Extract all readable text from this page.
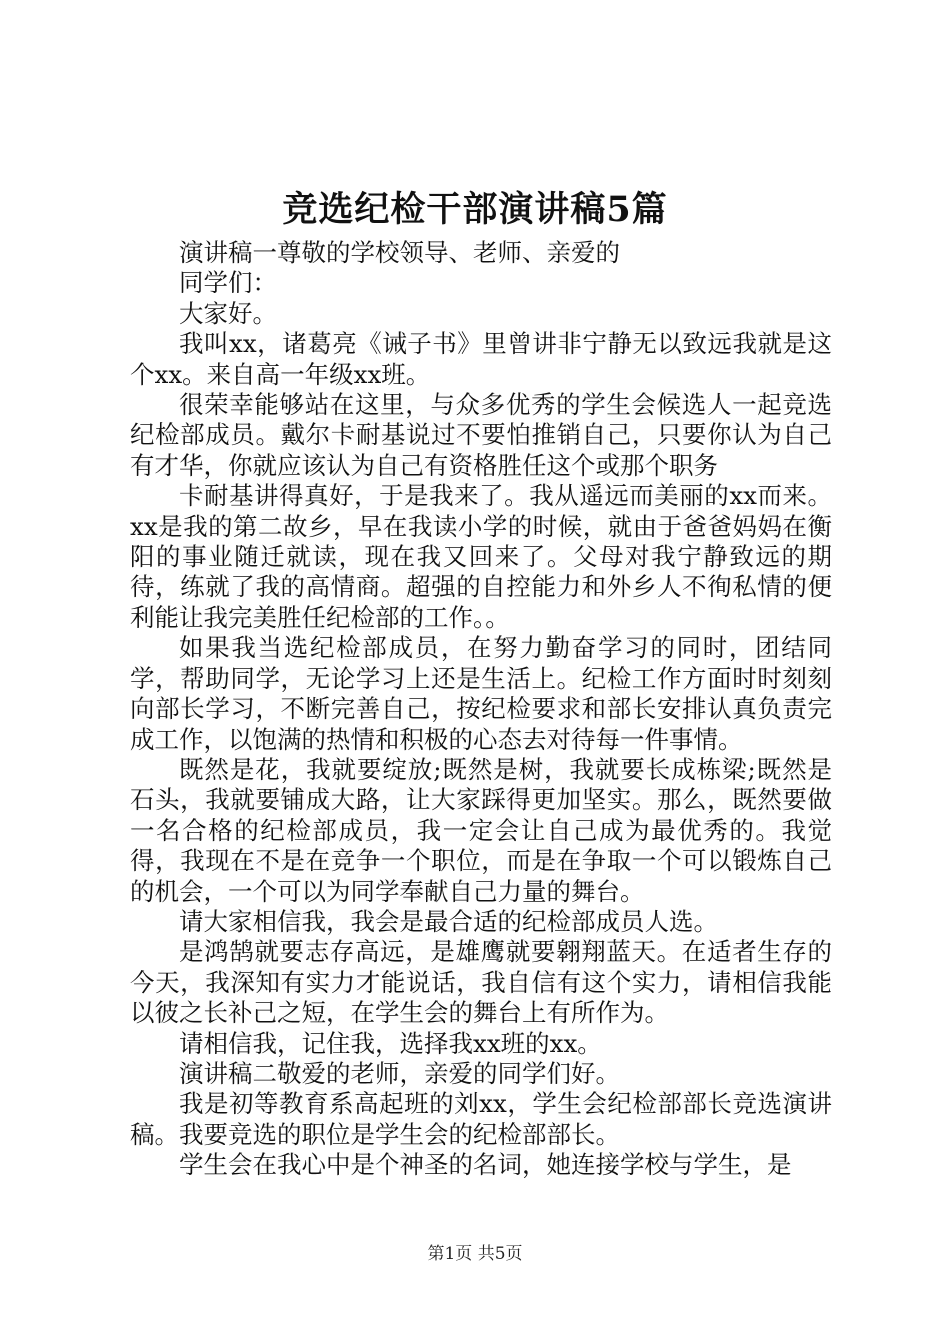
竞选纪检干部演讲稿5篇

演讲稿一尊敬的学校领导、老师、亲爱的

同学们：

大家好。

我叫xx，诸葛亮《诫子书》里曾讲非宁静无以致远我就是这个xx。来自高一年级xx班。

很荣幸能够站在这里，与众多优秀的学生会候选人一起竞选纪检部成员。戴尔卡耐基说过不要怕推销自己，只要你认为自己有才华，你就应该认为自己有资格胜任这个或那个职务

卡耐基讲得真好，于是我来了。我从遥远而美丽的xx而来。xx是我的第二故乡，早在我读小学的时候，就由于爸爸妈妈在衡阳的事业随迁就读，现在我又回来了。父母对我宁静致远的期待，练就了我的高情商。超强的自控能力和外乡人不徇私情的便利能让我完美胜任纪检部的工作。。

如果我当选纪检部成员，在努力勤奋学习的同时，团结同学，帮助同学，无论学习上还是生活上。纪检工作方面时时刻刻向部长学习，不断完善自己，按纪检要求和部长安排认真负责完成工作，以饱满的热情和积极的心态去对待每一件事情。

既然是花，我就要绽放;既然是树，我就要长成栋梁;既然是石头，我就要铺成大路，让大家踩得更加坚实。那么，既然要做一名合格的纪检部成员，我一定会让自己成为最优秀的。我觉得，我现在不是在竞争一个职位，而是在争取一个可以锻炼自己的机会，一个可以为同学奉献自己力量的舞台。

请大家相信我，我会是最合适的纪检部成员人选。

是鸿鹄就要志存高远，是雄鹰就要翱翔蓝天。在适者生存的今天，我深知有实力才能说话，我自信有这个实力，请相信我能以彼之长补己之短，在学生会的舞台上有所作为。

请相信我，记住我，选择我xx班的xx。

演讲稿二敬爱的老师，亲爱的同学们好。

我是初等教育系高起班的刘xx，学生会纪检部部长竞选演讲稿。我要竞选的职位是学生会的纪检部部长。

学生会在我心中是个神圣的名词，她连接学校与学生，是

第1页 共5页
